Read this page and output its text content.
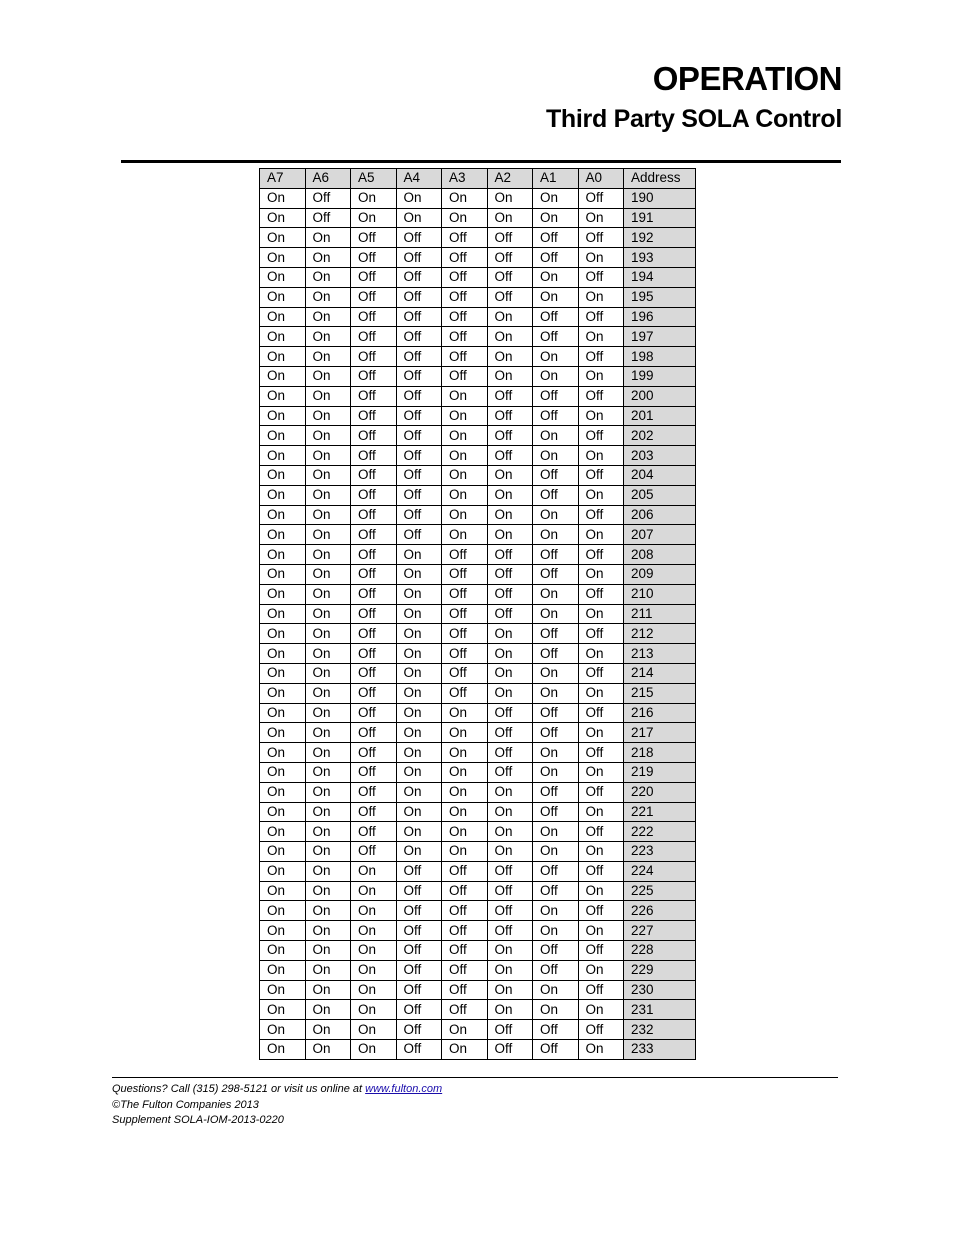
OPERATION
Third Party SOLA Control
A7	A6	A5	A4	A3	A2	A1	A0	Address
On	Off	On	On	On	On	On	Off	190
On	Off	On	On	On	On	On	On	191
On	On	Off	Off	Off	Off	Off	Off	192
On	On	Off	Off	Off	Off	Off	On	193
On	On	Off	Off	Off	Off	On	Off	194
On	On	Off	Off	Off	Off	On	On	195
On	On	Off	Off	Off	On	Off	Off	196
On	On	Off	Off	Off	On	Off	On	197
On	On	Off	Off	Off	On	On	Off	198
On	On	Off	Off	Off	On	On	On	199
On	On	Off	Off	On	Off	Off	Off	200
On	On	Off	Off	On	Off	Off	On	201
On	On	Off	Off	On	Off	On	Off	202
On	On	Off	Off	On	Off	On	On	203
On	On	Off	Off	On	On	Off	Off	204
On	On	Off	Off	On	On	Off	On	205
On	On	Off	Off	On	On	On	Off	206
On	On	Off	Off	On	On	On	On	207
On	On	Off	On	Off	Off	Off	Off	208
On	On	Off	On	Off	Off	Off	On	209
On	On	Off	On	Off	Off	On	Off	210
On	On	Off	On	Off	Off	On	On	211
On	On	Off	On	Off	On	Off	Off	212
On	On	Off	On	Off	On	Off	On	213
On	On	Off	On	Off	On	On	Off	214
On	On	Off	On	Off	On	On	On	215
On	On	Off	On	On	Off	Off	Off	216
On	On	Off	On	On	Off	Off	On	217
On	On	Off	On	On	Off	On	Off	218
On	On	Off	On	On	Off	On	On	219
On	On	Off	On	On	On	Off	Off	220
On	On	Off	On	On	On	Off	On	221
On	On	Off	On	On	On	On	Off	222
On	On	Off	On	On	On	On	On	223
On	On	On	Off	Off	Off	Off	Off	224
On	On	On	Off	Off	Off	Off	On	225
On	On	On	Off	Off	Off	On	Off	226
On	On	On	Off	Off	Off	On	On	227
On	On	On	Off	Off	On	Off	Off	228
On	On	On	Off	Off	On	Off	On	229
On	On	On	Off	Off	On	On	Off	230
On	On	On	Off	Off	On	On	On	231
On	On	On	Off	On	Off	Off	Off	232
On	On	On	Off	On	Off	Off	On	233
Questions? Call (315) 298-5121 or visit us online at www.fulton.com
©The Fulton Companies 2013
Supplement SOLA-IOM-2013-0220
